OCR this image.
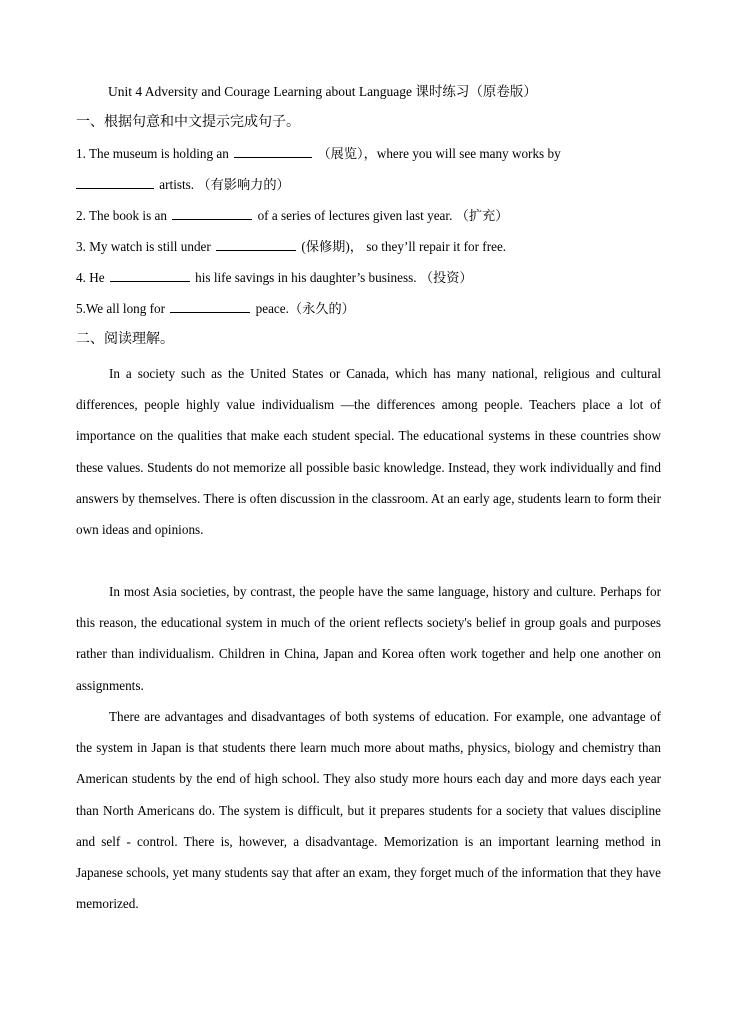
Unit 4 Adversity and Courage Learning about Language 课时练习（原卷版）
一、根据句意和中文提示完成句子。
1. The museum is holding an	（展览），where you will see many works by
artists. （有影响力的）
2. The book is an	of a series of lectures given last year. （扩充）
3. My watch is still under	(保修期)， so they’ll repair it for free.
4. He	his life savings in his daughter’s business. （投资）
5.We all long for	peace.（永久的）
二、阅读理解。
In a society such as the United States or Canada, which has many national, religious and cultural differences, people highly value individualism —the differences among people. Teachers place a lot of importance on the qualities that make each student special. The educational systems in these countries show these values. Students do not memorize all possible basic knowledge. Instead, they work individually and find answers by themselves. There is often discussion in the classroom. At an early age, students learn to form their own ideas and opinions.
In most Asia societies, by contrast, the people have the same language, history and culture. Perhaps for this reason, the educational system in much of the orient reflects society's belief in group goals and purposes rather than individualism. Children in China, Japan and Korea often work together and help one another on assignments.
There are advantages and disadvantages of both systems of education. For example, one advantage of the system in Japan is that students there learn much more about maths, physics, biology and chemistry than American students by the end of high school. They also study more hours each day and more days each year than North Americans do. The system is difficult, but it prepares students for a society that values discipline and self - control. There is, however, a disadvantage. Memorization is an important learning method in Japanese schools, yet many students say that after an exam, they forget much of the information that they have memorized.
